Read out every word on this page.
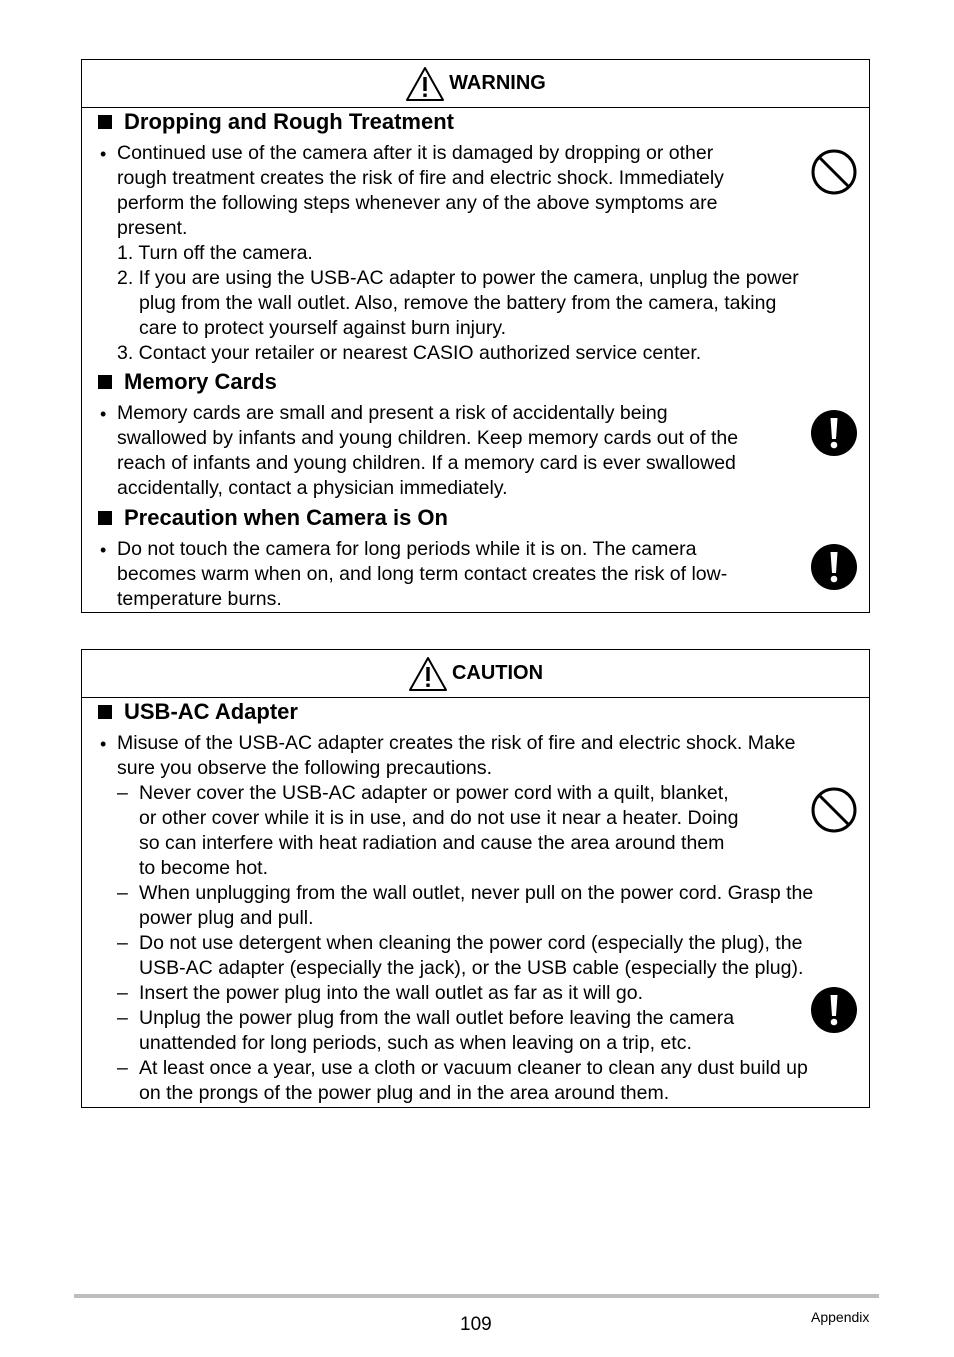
WARNING
Dropping and Rough Treatment
• Continued use of the camera after it is damaged by dropping or other
rough treatment creates the risk of fire and electric shock. Immediately
perform the following steps whenever any of the above symptoms are
present.
1. Turn off the camera.
2. If you are using the USB-AC adapter to power the camera, unplug the power
plug from the wall outlet. Also, remove the battery from the camera, taking
care to protect yourself against burn injury.
3. Contact your retailer or nearest CASIO authorized service center.
Memory Cards
• Memory cards are small and present a risk of accidentally being
swallowed by infants and young children. Keep memory cards out of the
reach of infants and young children. If a memory card is ever swallowed
accidentally, contact a physician immediately.
Precaution when Camera is On
• Do not touch the camera for long periods while it is on. The camera
becomes warm when on, and long term contact creates the risk of low-
temperature burns.
CAUTION
USB-AC Adapter
• Misuse of the USB-AC adapter creates the risk of fire and electric shock. Make
sure you observe the following precautions.
– Never cover the USB-AC adapter or power cord with a quilt, blanket,
or other cover while it is in use, and do not use it near a heater. Doing
so can interfere with heat radiation and cause the area around them
to become hot.
– When unplugging from the wall outlet, never pull on the power cord. Grasp the
power plug and pull.
– Do not use detergent when cleaning the power cord (especially the plug), the
USB-AC adapter (especially the jack), or the USB cable (especially the plug).
– Insert the power plug into the wall outlet as far as it will go.
– Unplug the power plug from the wall outlet before leaving the camera
unattended for long periods, such as when leaving on a trip, etc.
– At least once a year, use a cloth or vacuum cleaner to clean any dust build up
on the prongs of the power plug and in the area around them.
109	Appendix
